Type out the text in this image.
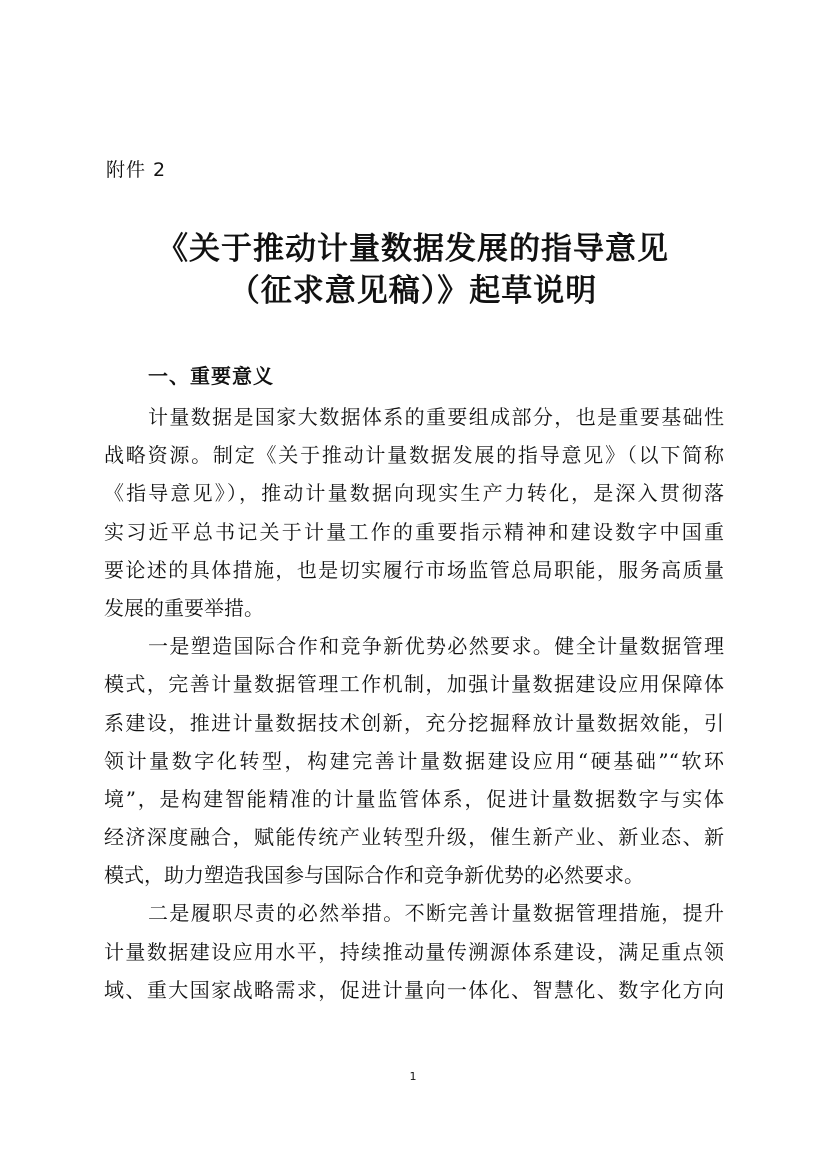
附件 2
《关于推动计量数据发展的指导意见
（征求意见稿）》起草说明
一、重要意义
计量数据是国家大数据体系的重要组成部分，也是重要基础性
战略资源。制定《关于推动计量数据发展的指导意见》（以下简称
《指导意见》），推动计量数据向现实生产力转化，是深入贯彻落
实习近平总书记关于计量工作的重要指示精神和建设数字中国重
要论述的具体措施，也是切实履行市场监管总局职能，服务高质量
发展的重要举措。
一是塑造国际合作和竞争新优势必然要求。健全计量数据管理
模式，完善计量数据管理工作机制，加强计量数据建设应用保障体
系建设，推进计量数据技术创新，充分挖掘释放计量数据效能，引
领计量数字化转型，构建完善计量数据建设应用“硬基础”“软环
境”，是构建智能精准的计量监管体系，促进计量数据数字与实体
经济深度融合，赋能传统产业转型升级，催生新产业、新业态、新
模式，助力塑造我国参与国际合作和竞争新优势的必然要求。
二是履职尽责的必然举措。不断完善计量数据管理措施，提升
计量数据建设应用水平，持续推动量传溯源体系建设，满足重点领
域、重大国家战略需求，促进计量向一体化、智慧化、数字化方向
1
